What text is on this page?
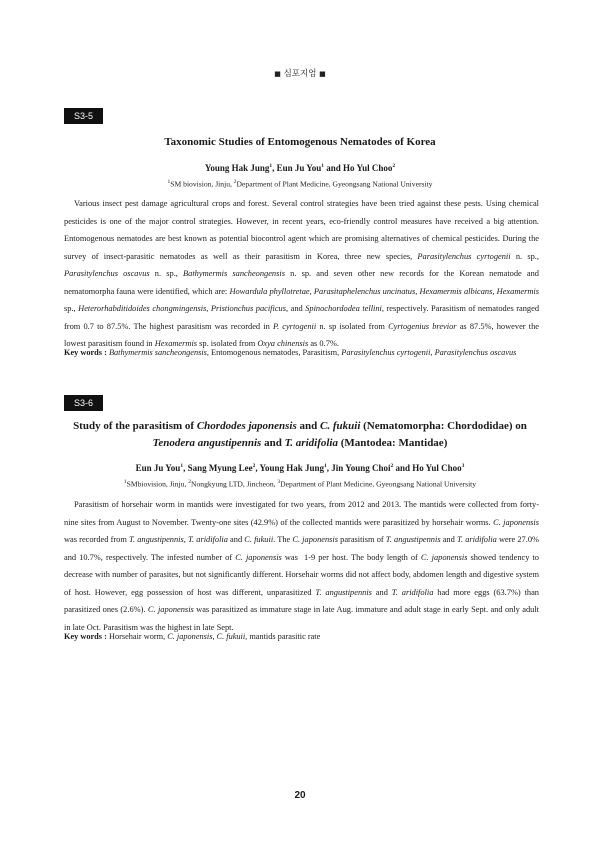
■ 심포지엄 ■
S3-5
Taxonomic Studies of Entomogenous Nematodes of Korea
Young Hak Jung$^1$, Eun Ju You$^1$ and Ho Yul Choo$^2$
$^1$SM biovision, Jinju, $^2$Department of Plant Medicine, Gyeongsang National University

Various insect pest damage agricultural crops and forest. Several control strategies have been tried against these pests. Using chemical pesticides is one of the major control strategies. However, in recent years, eco-friendly control measures have received a big attention. Entomogenous nematodes are best known as potential biocontrol agent which are promising alternatives of chemical pesticides. During the survey of insect-parasitic nematodes as well as their parasitism in Korea, three new species, Parasitylenchus cyrtogenii n. sp., Parasitylenchus oscavus n. sp., Bathymermis sancheongensis n. sp. and seven other new records for the Korean nematode and nematomorpha fauna were identified, which are: Howardula phyllotretae, Parasitaphelenchus uncinatus, Hexamermis albicans, Hexamermis sp., Heterorhabditidoides chongmingensis, Pristionchus pacificus, and Spinochordodea tellini, respectively. Parasitism of nematodes ranged from 0.7 to 87.5%. The highest parasitism was recorded in P. cyrtogenii n. sp isolated from Cyrtogenius brevior as 87.5%, however the lowest parasitism found in Hexamermis sp. isolated from Oxya chinensis as 0.7%.

Key words : Bathymermis sancheongensis, Entomogenous nematodes, Parasitism, Parasitylenchus cyrtogenii, Parasitylenchus oscavus

S3-6
Study of the parasitism of Chordodes japonensis and C. fukuii (Nematomorpha: Chordodidae) on
Tenodera angustipennis and T. aridifolia (Mantodea: Mantidae)
Eun Ju You$^1$, Sang Myung Lee$^2$, Young Hak Jung$^1$, Jin Young Choi$^2$ and Ho Yul Choo$^3$
$^1$SMbiovision, Jinju, $^2$Nongkyung LTD, Jincheon, $^3$Department of Plant Medicine, Gyeongsang National University

Parasitism of horsehair worm in mantids were investigated for two years, from 2012 and 2013. The mantids were collected from forty-nine sites from August to November. Twenty-one sites (42.9%) of the collected mantids were parasitized by horsehair worms. C. japonensis was recorded from T. angustipennis, T. aridifolia and C. fukuii. The C. japonensis parasitism of T. angustipennis and T. aridifolia were 27.0% and 10.7%, respectively. The infested number of C. japonensis was  1-9 per host. The body length of C. japonensis showed tendency to decrease with number of parasites, but not significantly different. Horsehair worms did not affect body, abdomen length and digestive system of host. However, egg possession of host was different, unparasitized T. angustipennis and T. aridifolia had more eggs (63.7%) than parasitized ones (2.6%). C. japonensis was parasitized as immature stage in late Aug. immature and adult stage in early Sept. and only adult in late Oct. Parasitism was the highest in late Sept.

Key words : Horsehair worm, C. japonensis, C. fukuii, mantids parasitic rate

20
